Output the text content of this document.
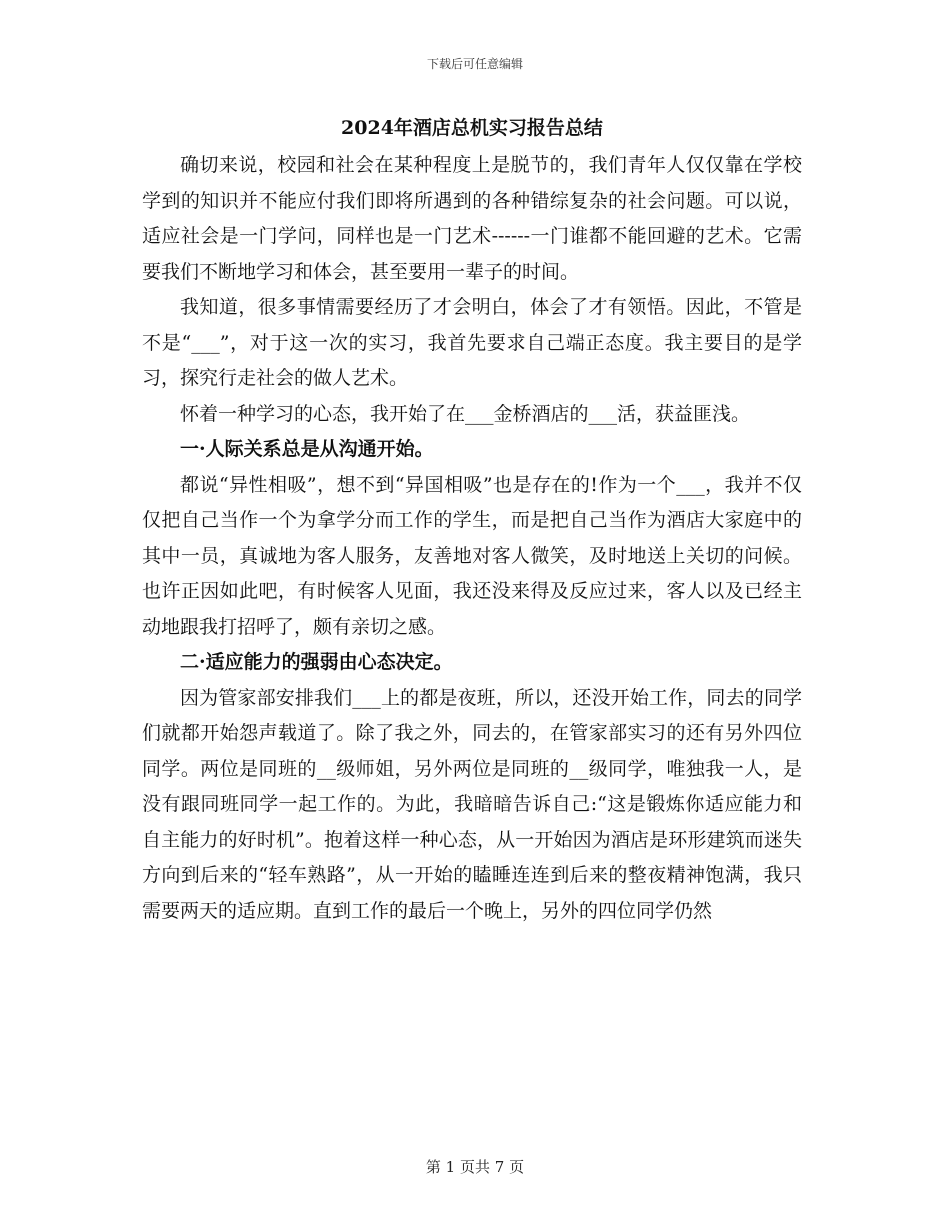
下载后可任意编辑
2024年酒店总机实习报告总结

确切来说，校园和社会在某种程度上是脱节的，我们青年人仅仅靠在学校学到的知识并不能应付我们即将所遇到的各种错综复杂的社会问题。可以说，适应社会是一门学问，同样也是一门艺术------一门谁都不能回避的艺术。它需要我们不断地学习和体会，甚至要用一辈子的时间。

我知道，很多事情需要经历了才会明白，体会了才有领悟。因此，不管是不是“___”，对于这一次的实习，我首先要求自己端正态度。我主要目的是学习，探究行走社会的做人艺术。

怀着一种学习的心态，我开始了在___金桥酒店的___活，获益匪浅。

一·人际关系总是从沟通开始。

都说“异性相吸”，想不到“异国相吸”也是存在的!作为一个___，我并不仅仅把自己当作一个为拿学分而工作的学生，而是把自己当作为酒店大家庭中的其中一员，真诚地为客人服务，友善地对客人微笑，及时地送上关切的问候。也许正因如此吧，有时候客人见面，我还没来得及反应过来，客人以及已经主动地跟我打招呼了，颇有亲切之感。

二·适应能力的强弱由心态决定。

因为管家部安排我们___上的都是夜班，所以，还没开始工作，同去的同学们就都开始怨声载道了。除了我之外，同去的，在管家部实习的还有另外四位同学。两位是同班的__级师姐，另外两位是同班的__级同学，唯独我一人，是没有跟同班同学一起工作的。为此，我暗暗告诉自己:“这是锻炼你适应能力和自主能力的好时机”。抱着这样一种心态，从一开始因为酒店是环形建筑而迷失方向到后来的“轻车熟路”，从一开始的瞌睡连连到后来的整夜精神饱满，我只需要两天的适应期。直到工作的最后一个晚上，另外的四位同学仍然

第 1 页共 7 页
